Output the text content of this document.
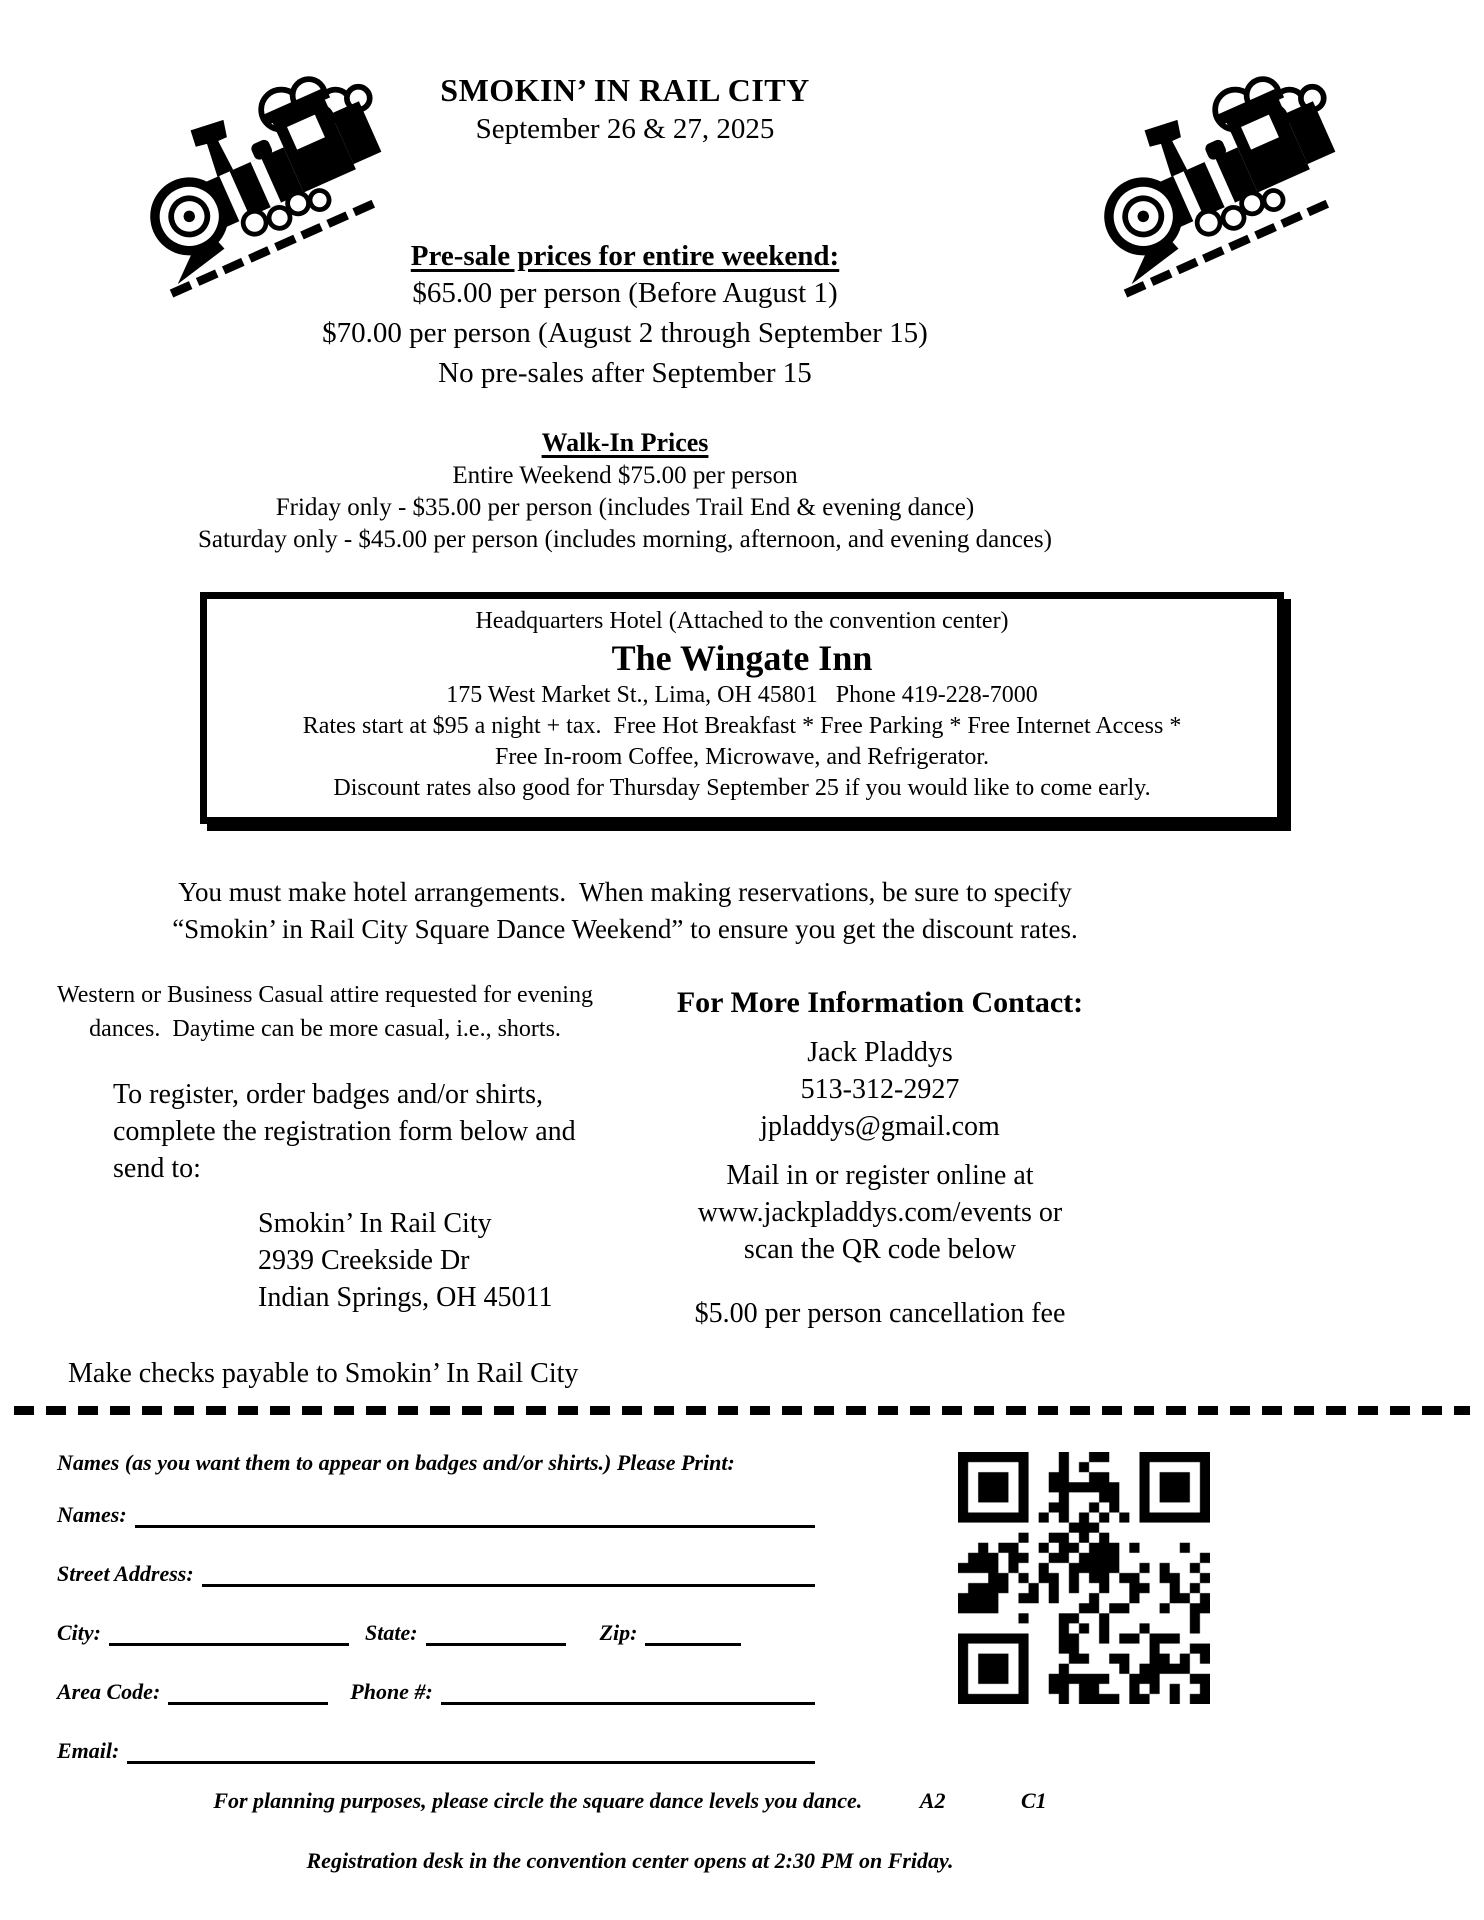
SMOKIN’ IN RAIL CITY
September 26 & 27, 2025
Pre-sale prices for entire weekend:
$65.00 per person (Before August 1)
$70.00 per person (August 2 through September 15)
No pre-sales after September 15
Walk-In Prices
Entire Weekend $75.00 per person
Friday only - $35.00 per person (includes Trail End & evening dance)
Saturday only - $45.00 per person (includes morning, afternoon, and evening dances)
Headquarters Hotel (Attached to the convention center)
The Wingate Inn
175 West Market St., Lima, OH 45801   Phone 419-228-7000
Rates start at $95 a night + tax.  Free Hot Breakfast * Free Parking * Free Internet Access *
Free In-room Coffee, Microwave, and Refrigerator.
Discount rates also good for Thursday September 25 if you would like to come early.
You must make hotel arrangements.  When making reservations, be sure to specify
“Smokin’ in Rail City Square Dance Weekend” to ensure you get the discount rates.
Western or Business Casual attire requested for evening
dances.  Daytime can be more casual, i.e., shorts.
To register, order badges and/or shirts,
complete the registration form below and
send to:
Smokin’ In Rail City
2939 Creekside Dr
Indian Springs, OH 45011
Make checks payable to Smokin’ In Rail City
For More Information Contact:
Jack Pladdys
513-312-2927
jpladdys@gmail.com
Mail in or register online at
www.jackpladdys.com/events or
scan the QR code below
$5.00 per person cancellation fee
Names (as you want them to appear on badges and/or shirts.) Please Print:
Names:
Street Address:
City:	State:	Zip:
Area Code:	Phone #:
Email:
For planning purposes, please circle the square dance levels you dance.	A2	C1
Registration desk in the convention center opens at 2:30 PM on Friday.
